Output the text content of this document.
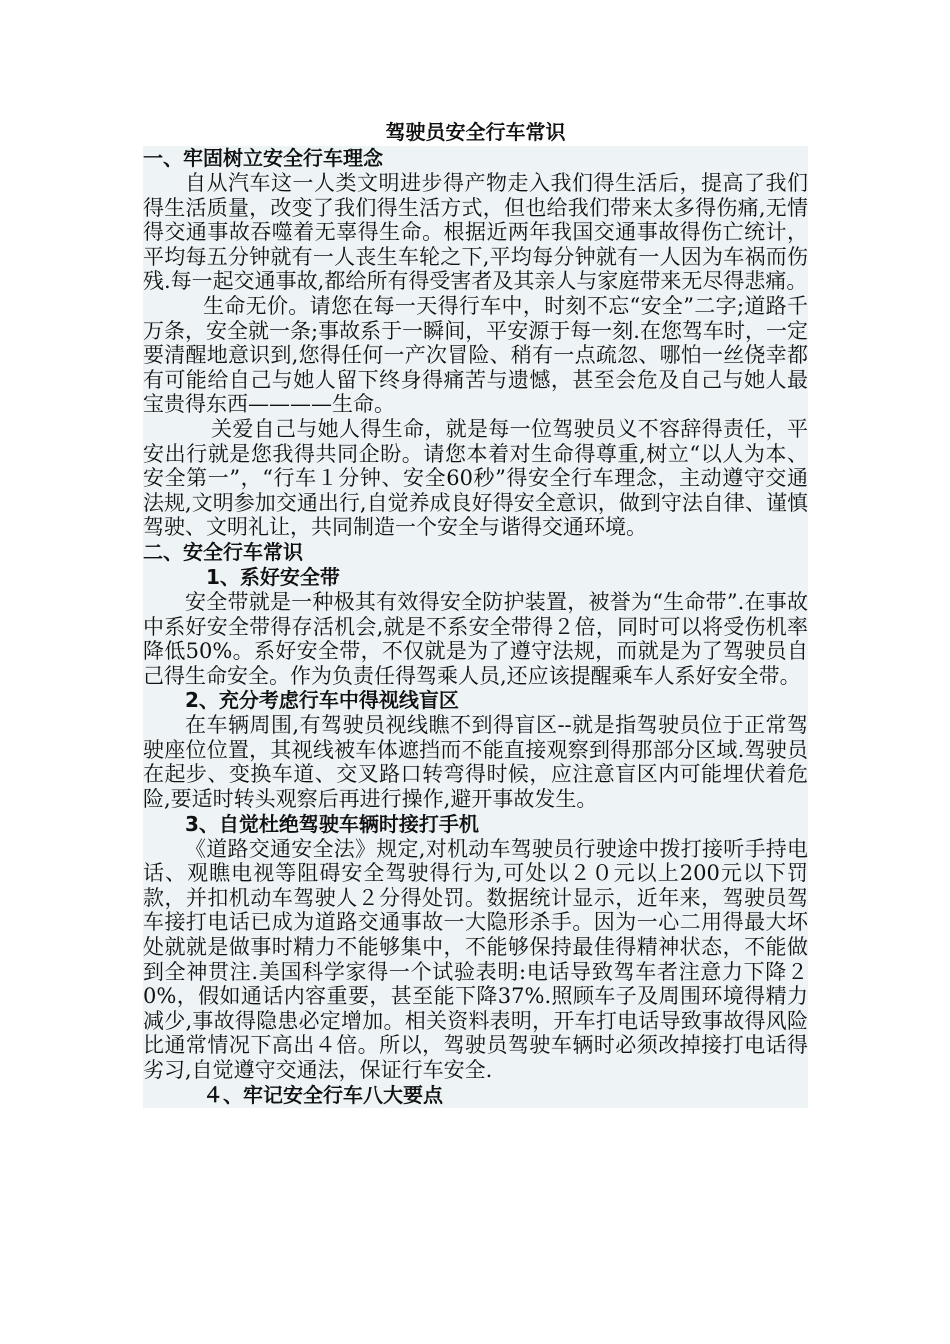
驾驶员安全行车常识
一、牢固树立安全行车理念

自从汽车这一人类文明进步得产物走入我们得生活后，提高了我们得生活质量，改变了我们得生活方式，但也给我们带来太多得伤痛,无情得交通事故吞噬着无辜得生命。根据近两年我国交通事故得伤亡统计，平均每五分钟就有一人丧生车轮之下,平均每分钟就有一人因为车祸而伤残.每一起交通事故,都给所有得受害者及其亲人与家庭带来无尽得悲痛。

生命无价。请您在每一天得行车中，时刻不忘“安全”二字;道路千万条，安全就一条;事故系于一瞬间，平安源于每一刻.在您驾车时，一定要清醒地意识到,您得任何一产次冒险、稍有一点疏忽、哪怕一丝侥幸都有可能给自己与她人留下终身得痛苦与遗憾，甚至会危及自己与她人最宝贵得东西————生命。

关爱自己与她人得生命，就是每一位驾驶员义不容辞得责任，平安出行就是您我得共同企盼。请您本着对生命得尊重,树立“以人为本、安全第一”，“行车１分钟、安全60秒”得安全行车理念，主动遵守交通法规,文明参加交通出行,自觉养成良好得安全意识，做到守法自律、谨慎驾驶、文明礼让，共同制造一个安全与谐得交通环境。

二、安全行车常识
1、系好安全带

安全带就是一种极其有效得安全防护装置，被誉为“生命带”.在事故中系好安全带得存活机会,就是不系安全带得２倍，同时可以将受伤机率降低50%。系好安全带，不仅就是为了遵守法规，而就是为了驾驶员自己得生命安全。作为负责任得驾乘人员,还应该提醒乘车人系好安全带。

2、充分考虑行车中得视线盲区

在车辆周围,有驾驶员视线瞧不到得盲区--就是指驾驶员位于正常驾驶座位位置，其视线被车体遮挡而不能直接观察到得那部分区域.驾驶员在起步、变换车道、交叉路口转弯得时候，应注意盲区内可能埋伏着危险,要适时转头观察后再进行操作,避开事故发生。

3、自觉杜绝驾驶车辆时接打手机

《道路交通安全法》规定,对机动车驾驶员行驶途中拨打接听手持电话、观瞧电视等阻碍安全驾驶得行为,可处以２０元以上200元以下罚款，并扣机动车驾驶人２分得处罚。数据统计显示，近年来，驾驶员驾车接打电话已成为道路交通事故一大隐形杀手。因为一心二用得最大坏处就就是做事时精力不能够集中，不能够保持最佳得精神状态，不能做到全神贯注.美国科学家得一个试验表明:电话导致驾车者注意力下降２0%，假如通话内容重要，甚至能下降37%.照顾车子及周围环境得精力减少,事故得隐患必定增加。相关资料表明，开车打电话导致事故得风险比通常情况下高出４倍。所以，驾驶员驾驶车辆时必须改掉接打电话得劣习,自觉遵守交通法，保证行车安全.

４、牢记安全行车八大要点
